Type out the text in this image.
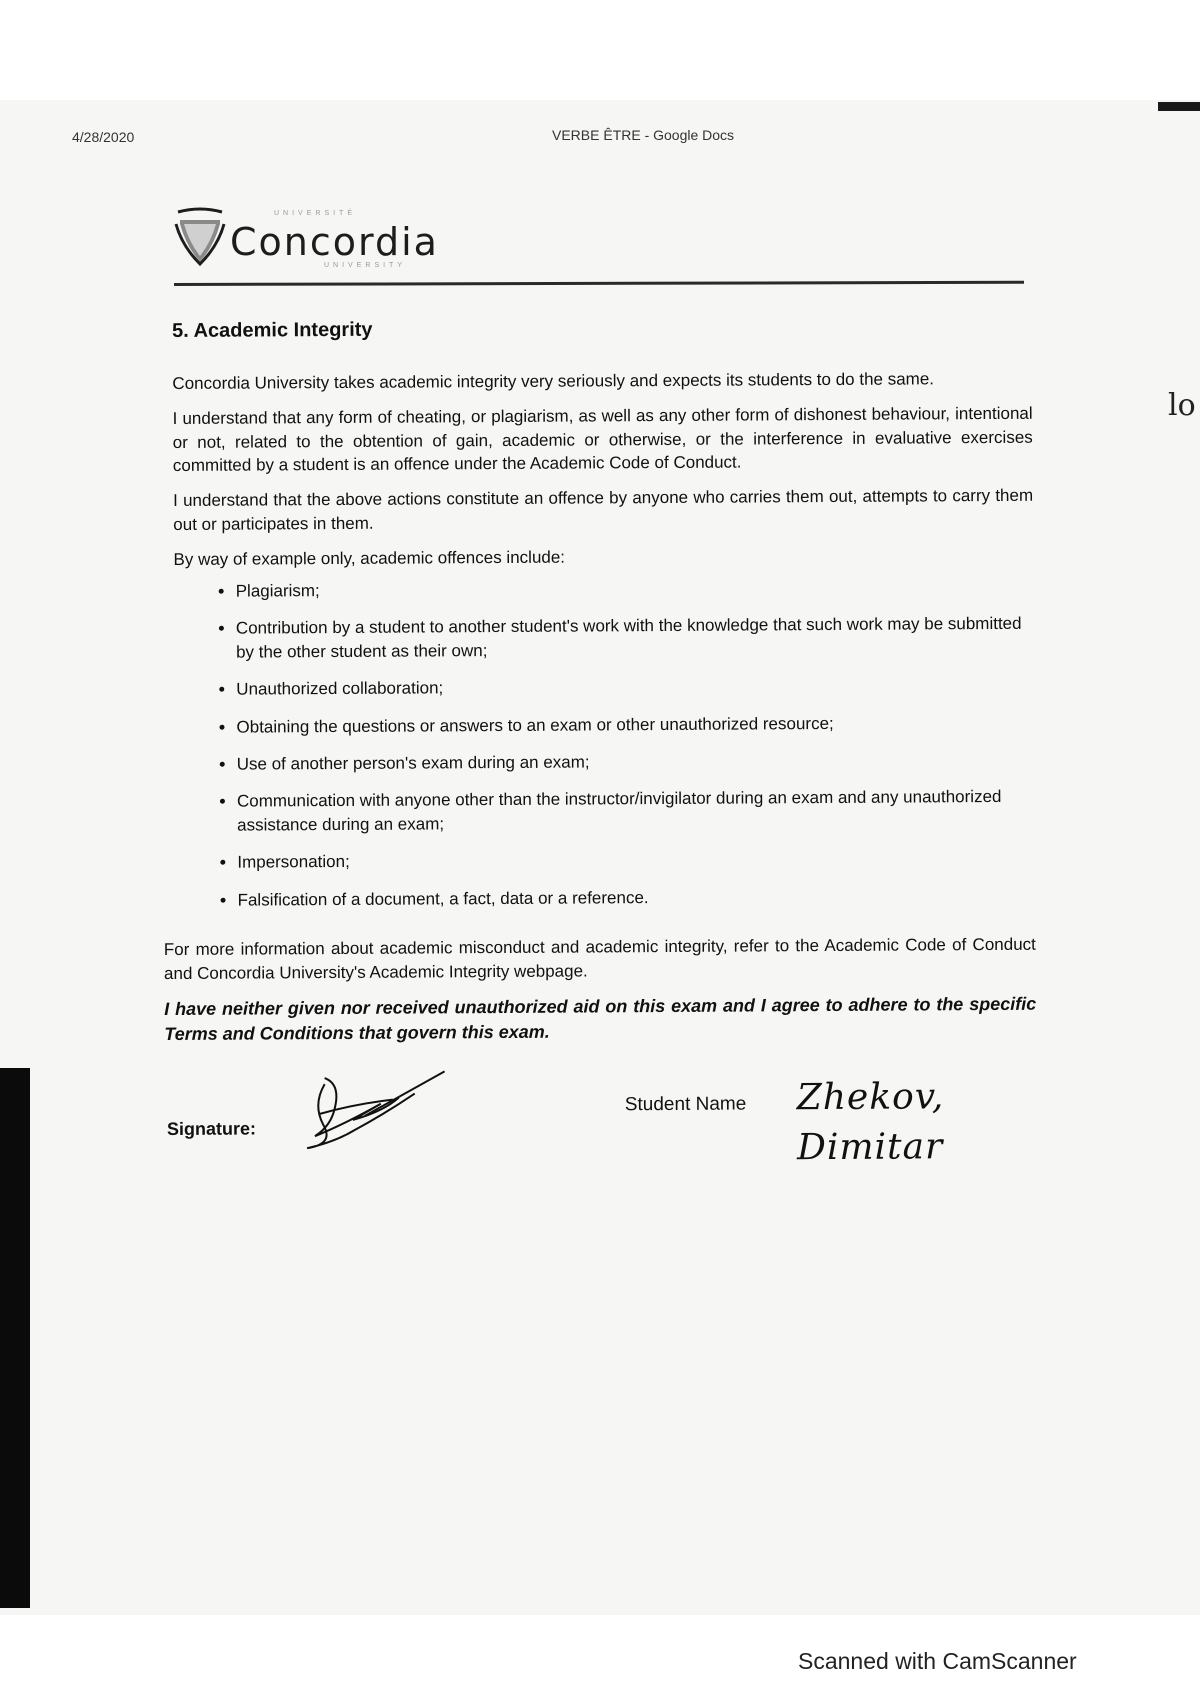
lo
4/28/2020	VERBE ÊTRE - Google Docs
UNIVERSITÉ
Concordia
UNIVERSITY
5. Academic Integrity

Concordia University takes academic integrity very seriously and expects its students to do the same.

I understand that any form of cheating, or plagiarism, as well as any other form of dishonest behaviour, intentional or not, related to the obtention of gain, academic or otherwise, or the interference in evaluative exercises committed by a student is an offence under the Academic Code of Conduct.

I understand that the above actions constitute an offence by anyone who carries them out, attempts to carry them out or participates in them.

By way of example only, academic offences include:

• Plagiarism;
• Contribution by a student to another student's work with the knowledge that such work may be submitted by the other student as their own;
• Unauthorized collaboration;
• Obtaining the questions or answers to an exam or other unauthorized resource;
• Use of another person's exam during an exam;
• Communication with anyone other than the instructor/invigilator during an exam and any unauthorized assistance during an exam;
• Impersonation;
• Falsification of a document, a fact, data or a reference.

For more information about academic misconduct and academic integrity, refer to the Academic Code of Conduct and Concordia University's Academic Integrity webpage.

I have neither given nor received unauthorized aid on this exam and I agree to adhere to the specific Terms and Conditions that govern this exam.

Signature:
Student Name Zhekov, Dimitar
Scanned with CamScanner
